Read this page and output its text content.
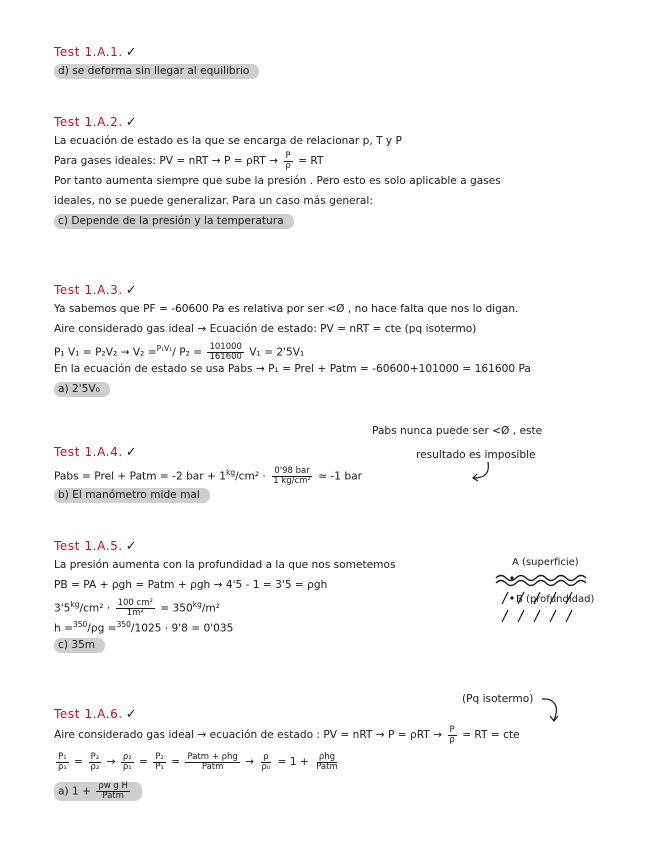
Test 1.A.1. ✓
d) se deforma sin llegar al equilibrio
Test 1.A.2. ✓
La ecuación de estado es la que se encarga de relacionar p, T y P
Para gases ideales: PV = nRT → $P = \rho RT \to \frac{P}{\rho}$ = RT
Por tanto aumenta siempre que sube la presión . Pero esto es solo aplicable a gases
ideales, no se puede generalizar. Para un caso más general:
c) Depende de la presión y la temperatura
Test 1.A.3. ✓
Ya sabemos que PF = -60600 Pa es relativa por ser <Ø , no hace falta que nos lo digan.
Aire considerado gas ideal → Ecuación de estado: PV = nRT = cte (pq isotermo)
P₁ V₁ = P₂V₂ → V₂ =$^{P_1V_1}$/ $P_2 = \frac{101000}{161600} V_1 = 2'5V_1$
En la ecuación de estado se usa Pabs → P₁ = Prel + Patm = -60600+101000 = 161600 Pa
a) 2'5V₀
Pabs nunca puede ser <Ø , este
resultado es imposible
Test 1.A.4. ✓
Pabs = Prel + Patm = -2 bar + $1^{kg}$/cm² · $\frac{\text{0'98 bar}}{\text{1 kg/cm²}}$ ≃ -1 bar
b) El manómetro mide mal
Test 1.A.5. ✓
La presión aumenta con la profundidad a la que nos sometemos
PB = PA + ρgh = Patm + ρgh → 4'5 - 1 = 3'5 = ρgh
$3'5^{kg}$/cm² · $\frac{\text{100 cm²}}{\text{1m²}} = 350^{kg}/m^2$
h =$^{350}$/ρg =$^{350}$/1025 · 9'8 = 0'035
c) 35m
A (superficie)
B (profundidad)
(Pq isotermo)
Test 1.A.6. ✓
Aire considerado gas ideal → ecuación de estado : PV = nRT → $P = \rho RT \to \frac{P}{\rho}$ = RT = cte
$\frac{\text{P₁}}{\text{ρ₁}} = \frac{\text{P₂}}{\text{ρ₂}} \to \frac{\text{ρ₂}}{\text{ρ₁}} = \frac{\text{P₂}}{\text{P₁}} = \frac{\text{Patm + ρhg}}{\text{Patm}} \to \frac{\rho}{\text{ρ₀}} = 1 + \frac{\text{ρhg}}{\text{Patm}}$
a) $1 + \frac{\text{ρw g H}}{\text{Patm}}$
